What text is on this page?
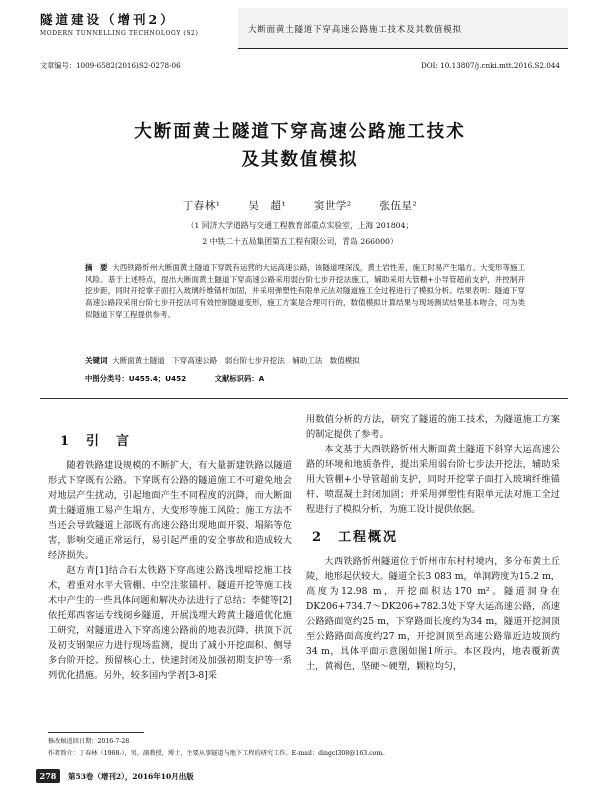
隧道建设（增刊2）
MODERN TUNNELLING TECHNOLOGY (S2)	大断面黄土隧道下穿高速公路施工技术及其数值模拟
文章编号：1009-6582(2016)S2-0278-06	DOI: 10.13807/j.cnki.mtt.2016.S2.044
大断面黄土隧道下穿高速公路施工技术
及其数值模拟
丁春林¹	吴　超¹	窦世学²	张伍星²
（1 同济大学道路与交通工程教育部重点实验室，上海 201804；
2 中铁二十五局集团第五工程有限公司，青岛 266000）
摘　要 大西铁路忻州大断面黄土隧道下穿既有运营的大运高速公路，该隧道埋深浅，黄土岩性差，施工时易产生塌方、大变形等施工风险。基于上述特点，提出大断面黄土隧道下穿高速公路采用弱台阶七步开挖法施工，辅助采用大管棚+小导管超前支护，并控制开挖步距，同时开挖掌子面打入玻璃纤维锚杆加固，并采用弹塑性有限单元法对隧道施工全过程进行了模拟分析。结果表明：隧道下穿高速公路段采用台阶七步开挖法可有效控制隧道变形，施工方案是合理可行的，数值模拟计算结果与现场测试结果基本吻合，可为类似隧道下穿工程提供参考。
关键词 大断面黄土隧道　下穿高速公路　弱台阶七步开挖法　辅助工法　数值模拟
中图分类号：U455.4；U452	文献标识码：A
1　引　言

随着铁路建设规模的不断扩大，有大量新建铁路以隧道形式下穿既有公路。下穿既有公路的隧道施工不可避免地会对地层产生扰动，引起地面产生不同程度的沉降，而大断面黄土隧道施工易产生塌方、大变形等施工风险；施工方法不当还会导致隧道上部既有高速公路出现地面开裂、塌陷等危害，影响交通正常运行，易引起严重的安全事故和造成较大经济损失。

赵方青[1]结合石太铁路下穿高速公路浅埋暗挖施工技术，着重对水平大管棚、中空注浆锚杆、隧道开挖等施工技术中产生的一些具体问题和解决办法进行了总结；李健等[2]依托郑西客运专线阌乡隧道，开展浅埋大跨黄土隧道优化施工研究，对隧道进入下穿高速公路前的地表沉降、拱顶下沉及初支钢架应力进行现场监测，提出了减小开挖面积、侧导多台阶开挖、预留核心土、快速封闭及加强初期支护等一系列优化措施。另外，较多国内学者[3-8]采

用数值分析的方法，研究了隧道的施工技术，为隧道施工方案的制定提供了参考。

本文基于大西铁路忻州大断面黄土隧道下斜穿大运高速公路的环境和地质条件，提出采用弱台阶七步法开挖法，辅助采用大管棚+小导管超前支护，同时开挖掌子面打入玻璃纤维锚杆、喷混凝土封闭加固；并采用弹塑性有限单元法对施工全过程进行了模拟分析，为施工设计提供依据。

2　工程概况

大西铁路忻州隧道位于忻州市东村村境内，多分布黄土丘陵，地形起伏较大。隧道全长3 083 m，单洞跨度为15.2 m，高度为12.98 m，开挖面积达170 m²。隧道洞身在DK206+734.7～DK206+782.3处下穿大运高速公路，高速公路路面宽约25 m，下穿路面长度约为34 m，隧道开挖洞顶至公路路面高度约27 m，开挖洞顶至高速公路靠近边坡顶约34 m，具体平面示意图如图1所示。本区段内，地表覆新黄土，黄褐色，坚硬～硬塑，颗粒均匀，

修改稿返回日期：2016-7-28
作者简介：丁春林（1968-），男，副教授，博士，主要从事隧道与地下工程的研究工作。E-mail：dingcl308@163.com。
278	第53卷（增刊2），2016年10月出版
